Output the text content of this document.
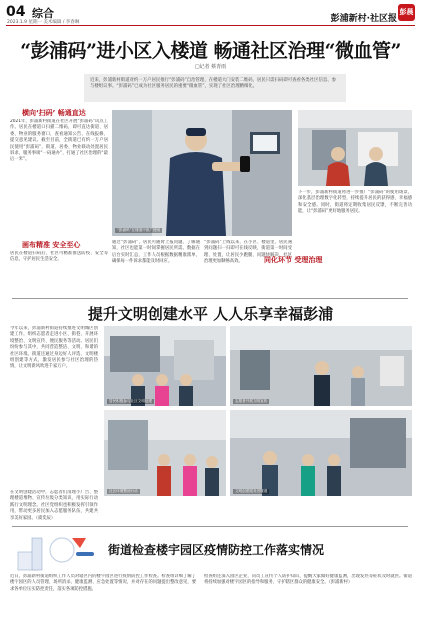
04 综合
2023.1.9 星期一 美术编辑 / 李春琳	彭浦新村·社区报
彭晨
“彭浦码”进小区入楼道 畅通社区治理“微血管”
□记者 蔡青雨
近来，彭浦新村街道对约一万户居民推行“彭浦码”自治管理，在楼道大门安装二维码，居民只需扫码即可查看各类社区信息、参与楼组议事。“彭浦码”已成为社区服务居民的重要“微血管”，实现了社区治理精细化。
横向‘扫码’ 畅通直达
2021年，彭浦新村街道在社区开展“彭浦码”试点工作。居民在楼道口扫描二维码，即可直达街道、居委、物业的服务窗口，查看通知公告、在线报修、提交意见建议。截至目前，全街道已有约一万户居民使用“彭浦码”，街道、居委、物业联动处置居民诉求，服务事项“一码通办”，打通了社区治理的“最后一米”。
画布精准 安全至心
居民在楼道扫码后，社区可精准推送防疫、安全等信息，守护居民生活安全。
“彭浦码”在楼道中推广使用
通过“彭浦码”，居民可随时上报问题、了解通知，社区也能第一时间掌握居民所需。数据在后台实时汇总，工作人员根据数据精准派单，确保每一件诉求都能及时回应。
“彭浦码”上线以来，在小区、楼道里，居民遇到问题扫一扫即可在线反映，街道第一时间受理、处置，让居民少跑腿、问题快解决，社区治理更加顺畅高效。	同化环节 受理治理
下一步，彭浦新村街道将进一步推广“彭浦码”的使用场景，深化基层治理数字化转型，持续提升居民的获得感、幸福感和安全感。同时，街道将定期收集居民反馈，不断完善功能，让“彭浦码”更好地服务居民。
提升文明创建水平 人人乐享幸福彭浦
今年以来，彭浦新村街道持续推进文明城区创建工作，组织志愿者走进小区、街巷，开展环境整治、文明宣传、便民服务等活动。居民们纷纷参与其中，共同营造整洁、文明、和谐的社区环境。街道还通过身边好人评选、文明楼组创建等方式，激发居民参与社区治理的热情，让文明新风吹进千家万户。
在文明创建活动中，志愿者们清理小广告、整理楼道堆物、宣传垃圾分类知识，用实际行动践行文明理念。社区党组织也积极发挥引领作用，带动更多居民加入志愿服务队伍，共建共享美好家园。（虞奕辰）
居民积极参与社区文明创建	志愿者开展文明宣传
社区环境整治行动	文明创建服务进楼道
街道检查楼宇园区疫情防控工作落实情况
近日，彭浦新村街道组织工作人员对辖区内的楼宇园区进行疫情防控工作检查。检查组详细了解了楼宇园区的人员管理、场所消杀、健康监测、应急处置等情况，并对存在的问题提出整改意见，要求各单位压实防控责任，落实各项防控措施。
检查组还深入园区企业，向员工宣传个人防护知识，提醒大家做好健康监测，出现发热等症状及时就医。街道将持续加强对楼宇园区的指导和服务，守护辖区群众的健康安全。（彭浦新村）
